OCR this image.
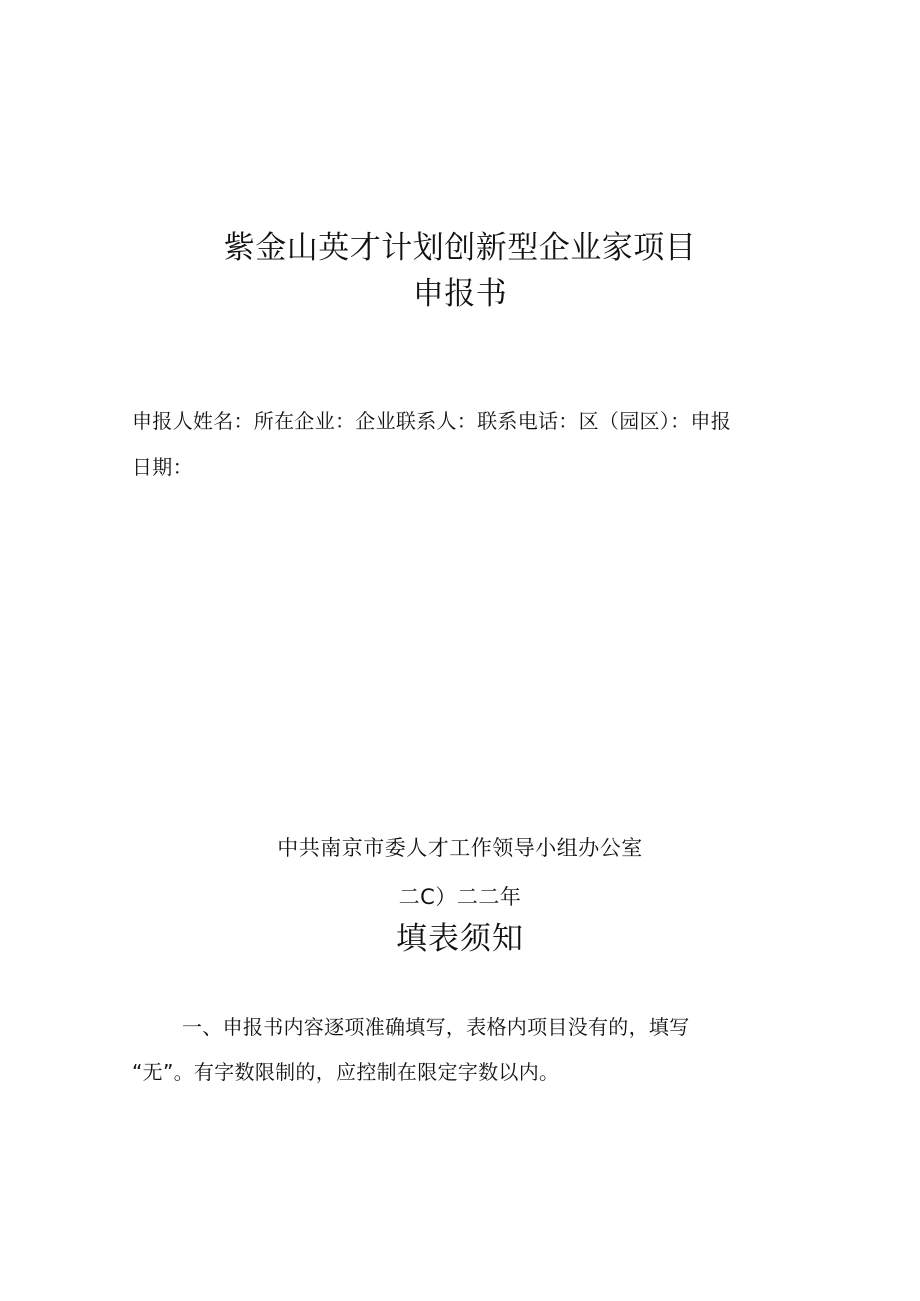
紫金山英才计划创新型企业家项目
申报书
申报人姓名：所在企业：企业联系人：联系电话：区（园区）：申报
日期：
中共南京市委人才工作领导小组办公室
二C）二二年
填表须知
一、申报书内容逐项准确填写，表格内项目没有的，填写
“无”。有字数限制的，应控制在限定字数以内。
